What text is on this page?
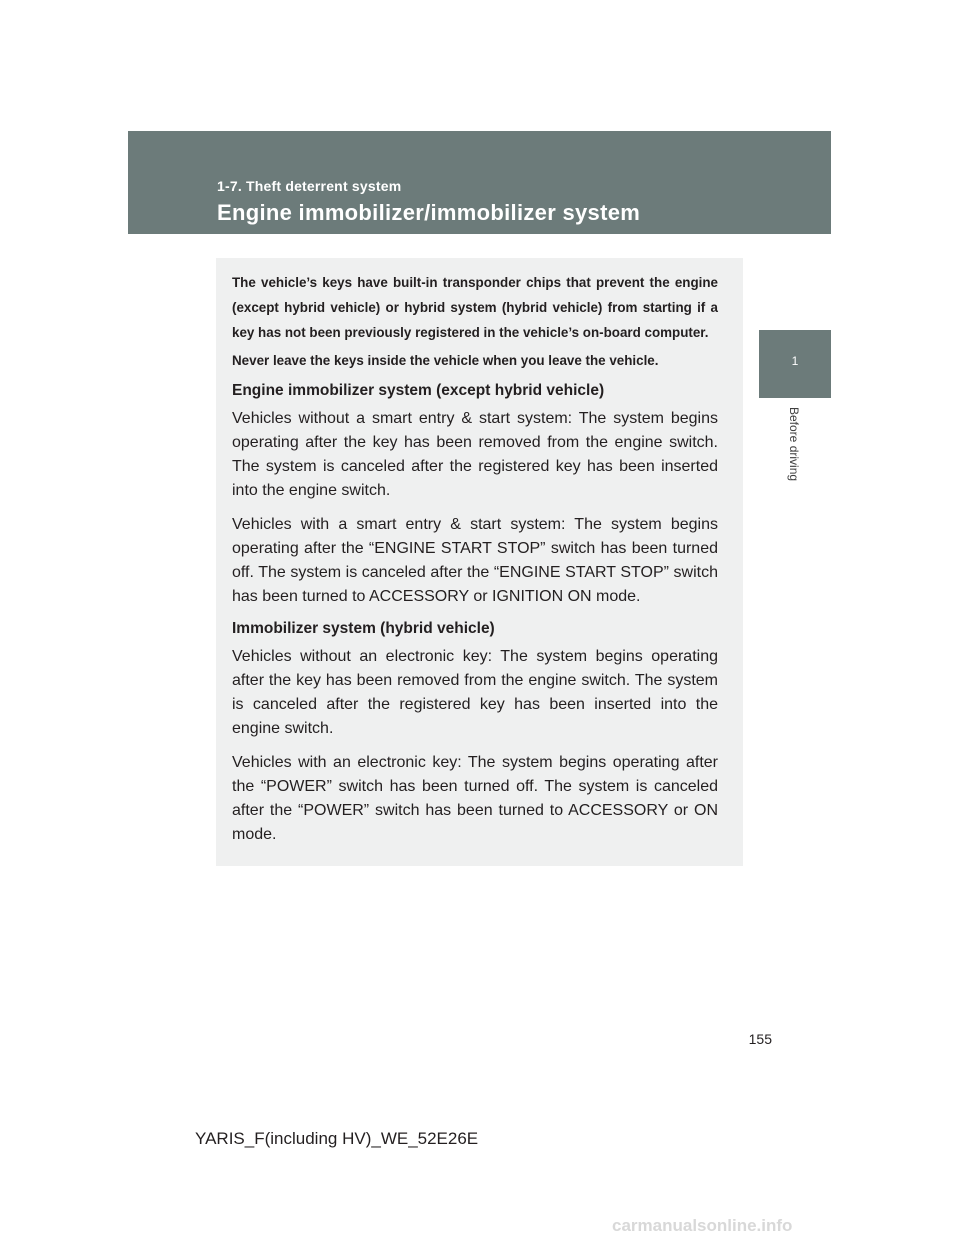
1-7. Theft deterrent system
Engine immobilizer/immobilizer system
1
Before driving

The vehicle’s keys have built-in transponder chips that prevent the engine (except hybrid vehicle) or hybrid system (hybrid vehicle) from starting if a key has not been previously registered in the vehicle’s on-board computer.

Never leave the keys inside the vehicle when you leave the vehicle.

Engine immobilizer system (except hybrid vehicle)

Vehicles without a smart entry & start system: The system begins operating after the key has been removed from the engine switch. The system is canceled after the registered key has been inserted into the engine switch.

Vehicles with a smart entry & start system: The system begins operating after the “ENGINE START STOP” switch has been turned off. The system is canceled after the “ENGINE START STOP” switch has been turned to ACCESSORY or IGNITION ON mode.

Immobilizer system (hybrid vehicle)

Vehicles without an electronic key: The system begins operating after the key has been removed from the engine switch. The system is canceled after the registered key has been inserted into the engine switch.

Vehicles with an electronic key: The system begins operating after the “POWER” switch has been turned off. The system is canceled after the “POWER” switch has been turned to ACCESSORY or ON mode.

155
YARIS_F(including HV)_WE_52E26E
carmanualsonline.info
